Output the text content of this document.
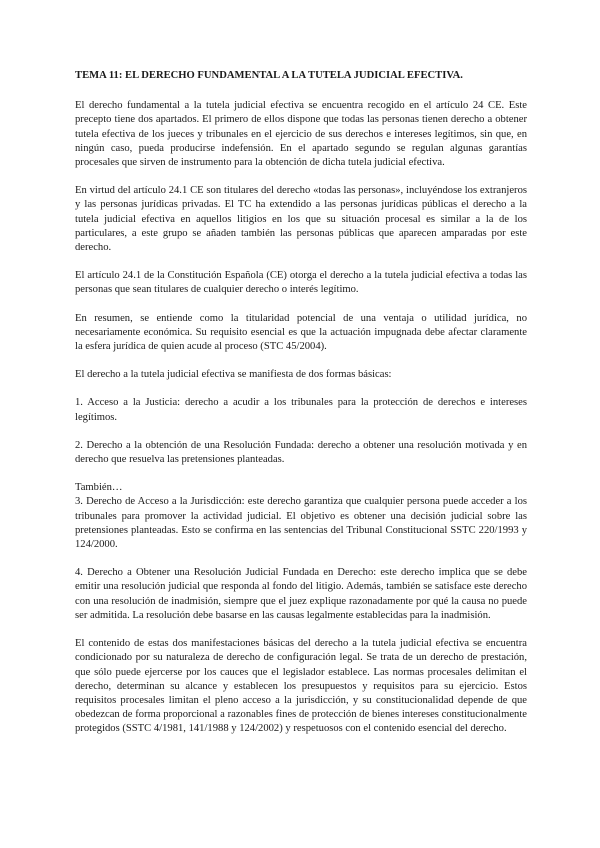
TEMA 11: EL DERECHO FUNDAMENTAL A LA TUTELA JUDICIAL EFECTIVA.

El derecho fundamental a la tutela judicial efectiva se encuentra recogido en el artículo 24 CE. Este precepto tiene dos apartados. El primero de ellos dispone que todas las personas tienen derecho a obtener tutela efectiva de los jueces y tribunales en el ejercicio de sus derechos e intereses legítimos, sin que, en ningún caso, pueda producirse indefensión. En el apartado segundo se regulan algunas garantías procesales que sirven de instrumento para la obtención de dicha tutela judicial efectiva.

En virtud del artículo 24.1 CE son titulares del derecho «todas las personas», incluyéndose los extranjeros y las personas jurídicas privadas. El TC ha extendido a las personas jurídicas públicas el derecho a la tutela judicial efectiva en aquellos litigios en los que su situación procesal es similar a la de los particulares, a este grupo se añaden también las personas públicas que aparecen amparadas por este derecho.

El artículo 24.1 de la Constitución Española (CE) otorga el derecho a la tutela judicial efectiva a todas las personas que sean titulares de cualquier derecho o interés legítimo.

En resumen, se entiende como la titularidad potencial de una ventaja o utilidad jurídica, no necesariamente económica. Su requisito esencial es que la actuación impugnada debe afectar claramente la esfera jurídica de quien acude al proceso (STC 45/2004).

El derecho a la tutela judicial efectiva se manifiesta de dos formas básicas:

1. Acceso a la Justicia: derecho a acudir a los tribunales para la protección de derechos e intereses legítimos.

2. Derecho a la obtención de una Resolución Fundada: derecho a obtener una resolución motivada y en derecho que resuelva las pretensiones planteadas.

También…

3. Derecho de Acceso a la Jurisdicción: este derecho garantiza que cualquier persona puede acceder a los tribunales para promover la actividad judicial. El objetivo es obtener una decisión judicial sobre las pretensiones planteadas. Esto se confirma en las sentencias del Tribunal Constitucional SSTC 220/1993 y 124/2000.

4. Derecho a Obtener una Resolución Judicial Fundada en Derecho: este derecho implica que se debe emitir una resolución judicial que responda al fondo del litigio. Además, también se satisface este derecho con una resolución de inadmisión, siempre que el juez explique razonadamente por qué la causa no puede ser admitida. La resolución debe basarse en las causas legalmente establecidas para la inadmisión.

El contenido de estas dos manifestaciones básicas del derecho a la tutela judicial efectiva se encuentra condicionado por su naturaleza de derecho de configuración legal. Se trata de un derecho de prestación, que sólo puede ejercerse por los cauces que el legislador establece. Las normas procesales delimitan el derecho, determinan su alcance y establecen los presupuestos y requisitos para su ejercicio. Estos requisitos procesales limitan el pleno acceso a la jurisdicción, y su constitucionalidad depende de que obedezcan de forma proporcional a razonables fines de protección de bienes intereses constitucionalmente protegidos (SSTC 4/1981, 141/1988 y 124/2002) y respetuosos con el contenido esencial del derecho.
